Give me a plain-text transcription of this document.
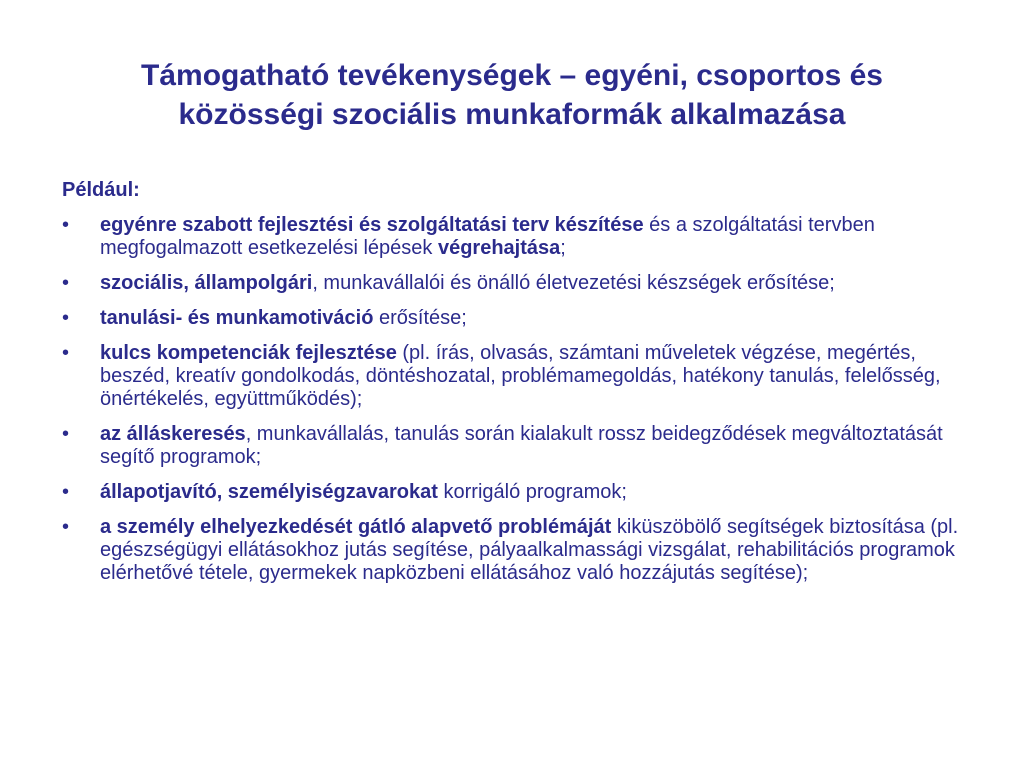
Támogatható tevékenységek – egyéni, csoportos és
közösségi szociális munkaformák alkalmazása
Például:
• egyénre szabott fejlesztési és szolgáltatási terv készítése és a szolgáltatási tervben megfogalmazott esetkezelési lépések végrehajtása;
• szociális, állampolgári, munkavállalói és önálló életvezetési készségek erősítése;
• tanulási- és munkamotiváció erősítése;
• kulcs kompetenciák fejlesztése (pl. írás, olvasás, számtani műveletek végzése, megértés, beszéd, kreatív gondolkodás, döntéshozatal, problémamegoldás, hatékony tanulás, felelősség, önértékelés, együttműködés);
• az álláskeresés, munkavállalás, tanulás során kialakult rossz beidegződések megváltoztatását segítő programok;
• állapotjavító, személyiségzavarokat korrigáló programok;
• a személy elhelyezkedését gátló alapvető problémáját kiküszöbölő segítségek biztosítása (pl. egészségügyi ellátásokhoz jutás segítése, pályaalkalmassági vizsgálat, rehabilitációs programok elérhetővé tétele, gyermekek napközbeni ellátásához való hozzájutás segítése);
